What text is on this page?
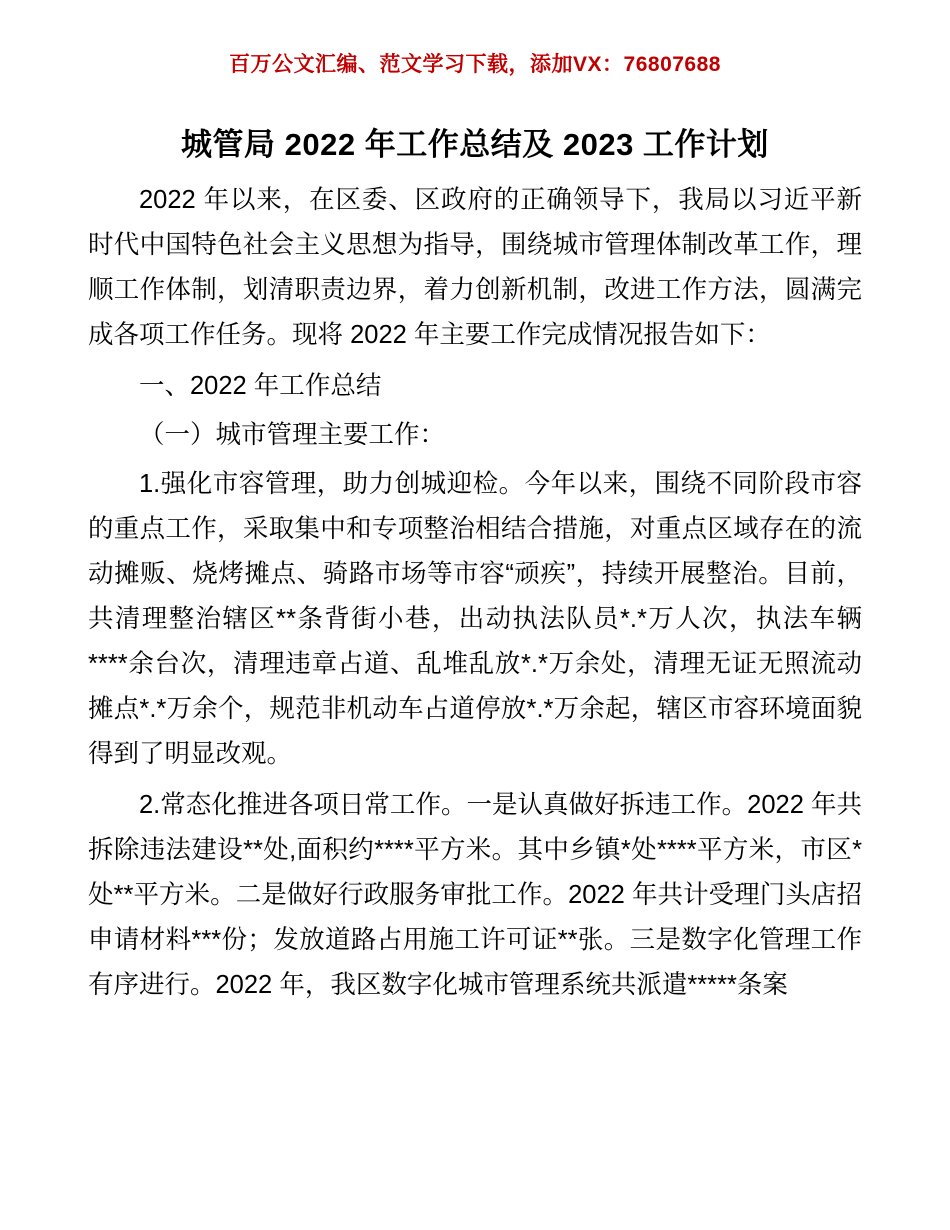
百万公文汇编、范文学习下载，添加VX：76807688
城管局 2022 年工作总结及 2023 工作计划

2022 年以来，在区委、区政府的正确领导下，我局以习近平新时代中国特色社会主义思想为指导，围绕城市管理体制改革工作，理顺工作体制，划清职责边界，着力创新机制，改进工作方法，圆满完成各项工作任务。现将 2022 年主要工作完成情况报告如下：

一、2022 年工作总结

（一）城市管理主要工作：

1.强化市容管理，助力创城迎检。今年以来，围绕不同阶段市容的重点工作，采取集中和专项整治相结合措施，对重点区域存在的流动摊贩、烧烤摊点、骑路市场等市容“顽疾”，持续开展整治。目前，共清理整治辖区**条背街小巷，出动执法队员*.*万人次，执法车辆****余台次，清理违章占道、乱堆乱放*.*万余处，清理无证无照流动摊点*.*万余个，规范非机动车占道停放*.*万余起，辖区市容环境面貌得到了明显改观。

2.常态化推进各项日常工作。一是认真做好拆违工作。2022 年共拆除违法建设**处,面积约****平方米。其中乡镇*处****平方米，市区*处**平方米。二是做好行政服务审批工作。2022 年共计受理门头店招申请材料***份；发放道路占用施工许可证**张。三是数字化管理工作有序进行。2022 年，我区数字化城市管理系统共派遣*****条案
